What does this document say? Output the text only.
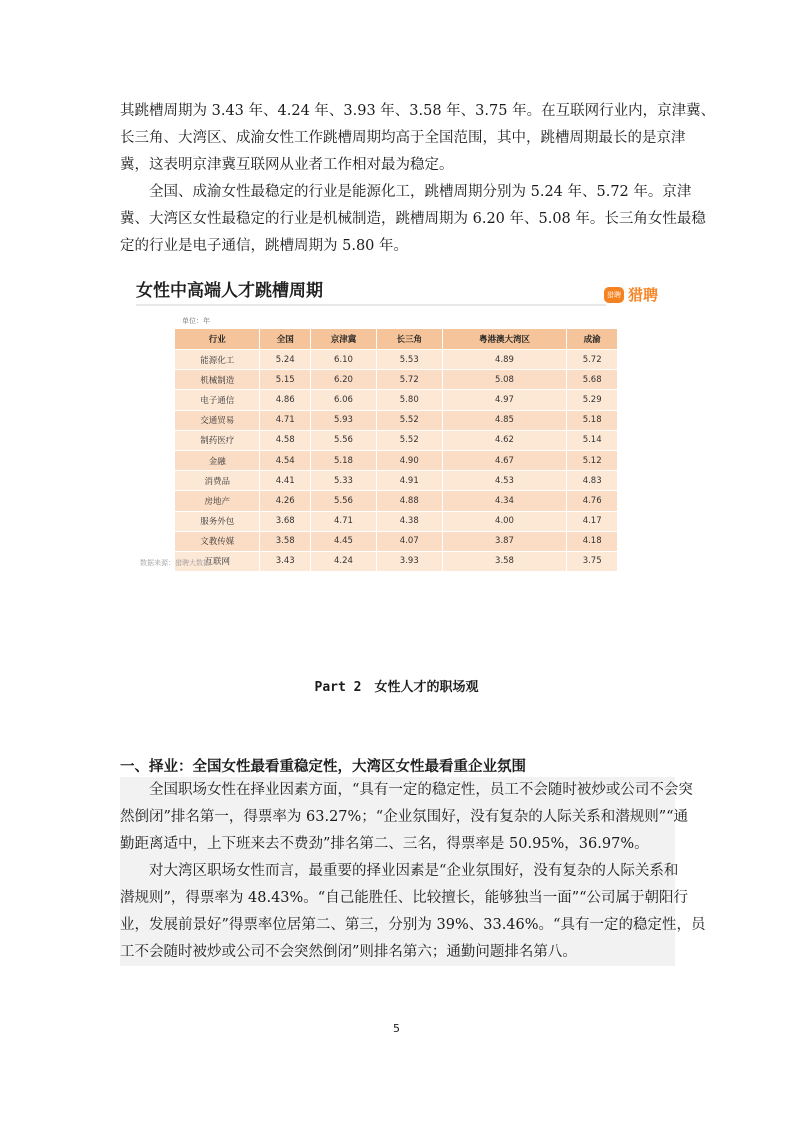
其跳槽周期为 3.43 年、4.24 年、3.93 年、3.58 年、3.75 年。在互联网行业内，京津冀、
长三角、大湾区、成渝女性工作跳槽周期均高于全国范围，其中，跳槽周期最长的是京津
冀，这表明京津冀互联网从业者工作相对最为稳定。
　　全国、成渝女性最稳定的行业是能源化工，跳槽周期分别为 5.24 年、5.72 年。京津
冀、大湾区女性最稳定的行业是机械制造，跳槽周期为 6.20 年、5.08 年。长三角女性最稳
定的行业是电子通信，跳槽周期为 5.80 年。
女性中高端人才跳槽周期	猎聘 猎聘
单位：年
行业	全国	京津冀	长三角	粤港澳大湾区	成渝
能源化工	5.24	6.10	5.53	4.89	5.72
机械制造	5.15	6.20	5.72	5.08	5.68
电子通信	4.86	6.06	5.80	4.97	5.29
交通贸易	4.71	5.93	5.52	4.85	5.18
制药医疗	4.58	5.56	5.52	4.62	5.14
金融	4.54	5.18	4.90	4.67	5.12
消费品	4.41	5.33	4.91	4.53	4.83
房地产	4.26	5.56	4.88	4.34	4.76
服务外包	3.68	4.71	4.38	4.00	4.17
文教传媒	3.58	4.45	4.07	3.87	4.18
互联网	3.43	4.24	3.93	3.58	3.75
数据来源：猎聘大数据
Part 2　女性人才的职场观
一、择业：全国女性最看重稳定性，大湾区女性最看重企业氛围
　　全国职场女性在择业因素方面，“具有一定的稳定性，员工不会随时被炒或公司不会突
然倒闭”排名第一，得票率为 63.27%；“企业氛围好，没有复杂的人际关系和潜规则”“通
勤距离适中，上下班来去不费劲”排名第二、三名，得票率是 50.95%，36.97%。
　　对大湾区职场女性而言，最重要的择业因素是“企业氛围好，没有复杂的人际关系和
潜规则”，得票率为 48.43%。“自己能胜任、比较擅长，能够独当一面”“公司属于朝阳行
业，发展前景好”得票率位居第二、第三，分别为 39%、33.46%。“具有一定的稳定性，员
工不会随时被炒或公司不会突然倒闭”则排名第六；通勤问题排名第八。
5
